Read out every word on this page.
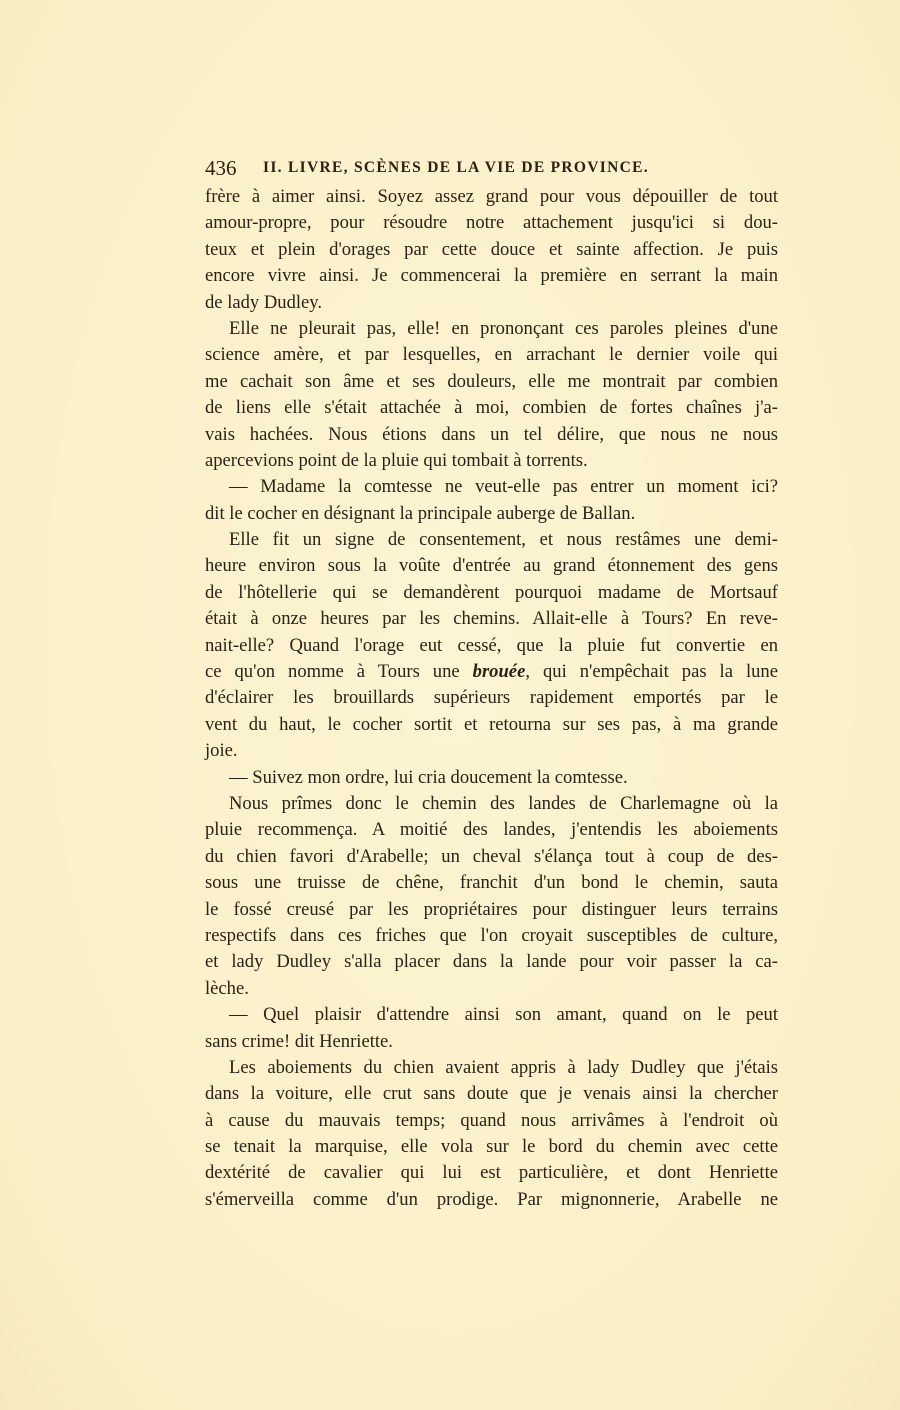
436 II. LIVRE, SCÈNES DE LA VIE DE PROVINCE.
frère à aimer ainsi. Soyez assez grand pour vous dépouiller de tout
amour-propre, pour résoudre notre attachement jusqu'ici si dou-
teux et plein d'orages par cette douce et sainte affection. Je puis
encore vivre ainsi. Je commencerai la première en serrant la main
de lady Dudley.
Elle ne pleurait pas, elle! en prononçant ces paroles pleines d'une
science amère, et par lesquelles, en arrachant le dernier voile qui
me cachait son âme et ses douleurs, elle me montrait par combien
de liens elle s'était attachée à moi, combien de fortes chaînes j'a-
vais hachées. Nous étions dans un tel délire, que nous ne nous
apercevions point de la pluie qui tombait à torrents.
— Madame la comtesse ne veut-elle pas entrer un moment ici?
dit le cocher en désignant la principale auberge de Ballan.
Elle fit un signe de consentement, et nous restâmes une demi-
heure environ sous la voûte d'entrée au grand étonnement des gens
de l'hôtellerie qui se demandèrent pourquoi madame de Mortsauf
était à onze heures par les chemins. Allait-elle à Tours? En reve-
nait-elle? Quand l'orage eut cessé, que la pluie fut convertie en
ce qu'on nomme à Tours une brouée, qui n'empêchait pas la lune
d'éclairer les brouillards supérieurs rapidement emportés par le
vent du haut, le cocher sortit et retourna sur ses pas, à ma grande
joie.
— Suivez mon ordre, lui cria doucement la comtesse.
Nous prîmes donc le chemin des landes de Charlemagne où la
pluie recommença. A moitié des landes, j'entendis les aboiements
du chien favori d'Arabelle; un cheval s'élança tout à coup de des-
sous une truisse de chêne, franchit d'un bond le chemin, sauta
le fossé creusé par les propriétaires pour distinguer leurs terrains
respectifs dans ces friches que l'on croyait susceptibles de culture,
et lady Dudley s'alla placer dans la lande pour voir passer la ca-
lèche.
— Quel plaisir d'attendre ainsi son amant, quand on le peut
sans crime! dit Henriette.
Les aboiements du chien avaient appris à lady Dudley que j'étais
dans la voiture, elle crut sans doute que je venais ainsi la chercher
à cause du mauvais temps; quand nous arrivâmes à l'endroit où
se tenait la marquise, elle vola sur le bord du chemin avec cette
dextérité de cavalier qui lui est particulière, et dont Henriette
s'émerveilla comme d'un prodige. Par mignonnerie, Arabelle ne
